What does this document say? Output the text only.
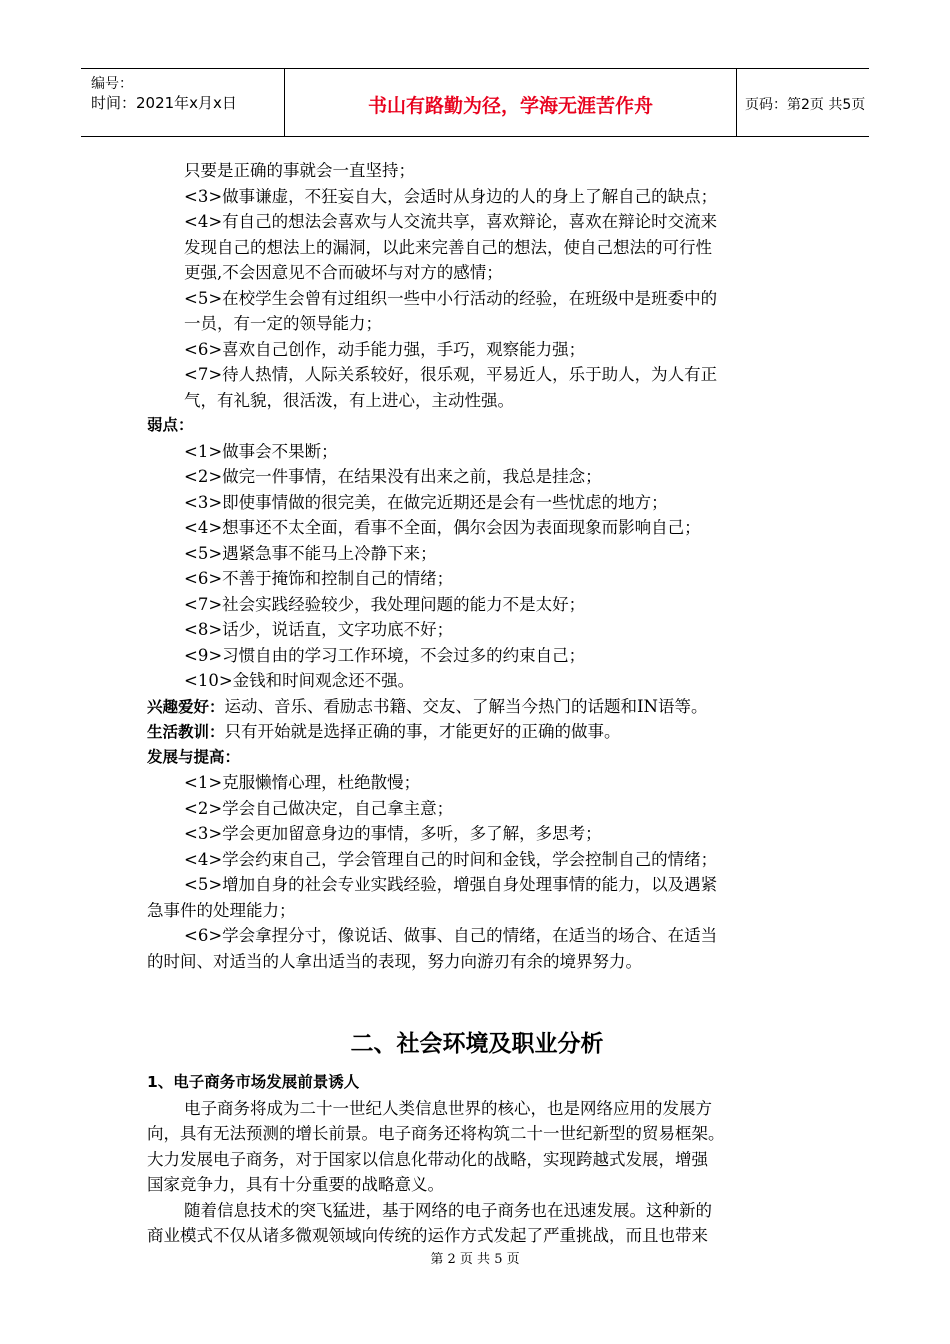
编号：
时间：2021年x月x日	书山有路勤为径，学海无涯苦作舟	页码：第2页 共5页
只要是正确的事就会一直坚持；
<3>做事谦虚，不狂妄自大，会适时从身边的人的身上了解自己的缺点；
<4>有自己的想法会喜欢与人交流共享，喜欢辩论，喜欢在辩论时交流来
发现自己的想法上的漏洞，以此来完善自己的想法，使自己想法的可行性
更强,不会因意见不合而破坏与对方的感情；
<5>在校学生会曾有过组织一些中小行活动的经验，在班级中是班委中的
一员，有一定的领导能力；
<6>喜欢自己创作，动手能力强，手巧，观察能力强；
<7>待人热情，人际关系较好，很乐观，平易近人，乐于助人，为人有正
气，有礼貌，很活泼，有上进心，主动性强。
弱点：
<1>做事会不果断；
<2>做完一件事情，在结果没有出来之前，我总是挂念；
<3>即使事情做的很完美，在做完近期还是会有一些忧虑的地方；
<4>想事还不太全面，看事不全面，偶尔会因为表面现象而影响自己；
<5>遇紧急事不能马上冷静下来；
<6>不善于掩饰和控制自己的情绪；
<7>社会实践经验较少，我处理问题的能力不是太好；
<8>话少，说话直，文字功底不好；
<9>习惯自由的学习工作环境，不会过多的约束自己；
<10>金钱和时间观念还不强。
兴趣爱好：运动、音乐、看励志书籍、交友、了解当今热门的话题和IN语等。
生活教训：只有开始就是选择正确的事，才能更好的正确的做事。
发展与提高：
<1>克服懒惰心理，杜绝散慢；
<2>学会自己做决定，自己拿主意；
<3>学会更加留意身边的事情，多听，多了解，多思考；
<4>学会约束自己，学会管理自己的时间和金钱，学会控制自己的情绪；
<5>增加自身的社会专业实践经验，增强自身处理事情的能力，以及遇紧
急事件的处理能力；
<6>学会拿捏分寸，像说话、做事、自己的情绪，在适当的场合、在适当
的时间、对适当的人拿出适当的表现，努力向游刃有余的境界努力。
二、社会环境及职业分析
1、电子商务市场发展前景诱人
电子商务将成为二十一世纪人类信息世界的核心，也是网络应用的发展方
向，具有无法预测的增长前景。电子商务还将构筑二十一世纪新型的贸易框架。
大力发展电子商务，对于国家以信息化带动化的战略，实现跨越式发展，增强
国家竞争力，具有十分重要的战略意义。
随着信息技术的突飞猛进，基于网络的电子商务也在迅速发展。这种新的
商业模式不仅从诸多微观领域向传统的运作方式发起了严重挑战，而且也带来
第 2 页 共 5 页
